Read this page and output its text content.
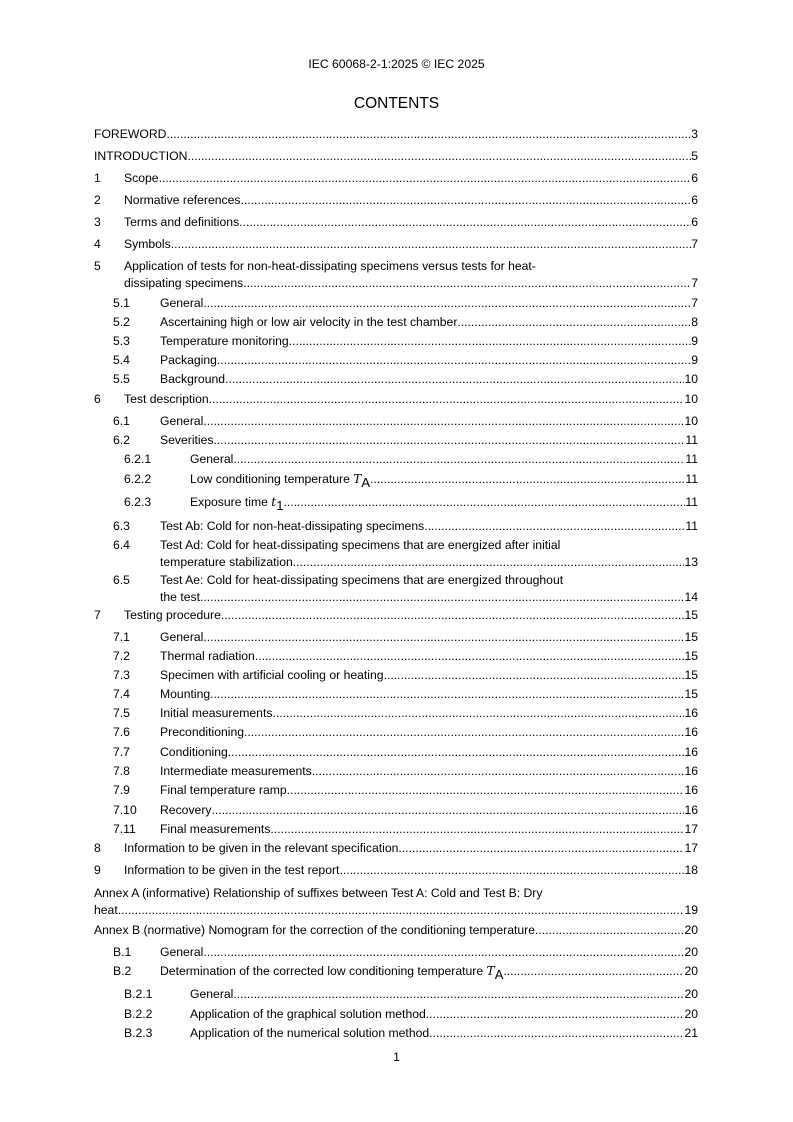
IEC 60068-2-1:2025 © IEC 2025
CONTENTS
FOREWORD .....	3
INTRODUCTION .....	5
1	Scope .....	6
2	Normative references .....	6
3	Terms and definitions .....	6
4	Symbols .....	7
5	Application of tests for non-heat-dissipating specimens versus tests for heat-
dissipating specimens .....	7
5.1	General .....	7
5.2	Ascertaining high or low air velocity in the test chamber .....	8
5.3	Temperature monitoring .....	9
5.4	Packaging .....	9
5.5	Background .....	10
6	Test description .....	10
6.1	General .....	10
6.2	Severities .....	11
6.2.1	General .....	11
6.2.2	Low conditioning temperature
T A .....	11
6.2.3	Exposure time
t 1 .....	11
6.3	Test Ab: Cold for non-heat-dissipating specimens .....	11
6.4	Test Ad: Cold for heat-dissipating specimens that are energized after initial
temperature stabilization .....	13
6.5	Test Ae: Cold for heat-dissipating specimens that are energized throughout
the test .....	14
7	Testing procedure .....	15
7.1	General .....	15
7.2	Thermal radiation .....	15
7.3	Specimen with artificial cooling or heating .....	15
7.4	Mounting .....	15
7.5	Initial measurements .....	16
7.6	Preconditioning .....	16
7.7	Conditioning .....	16
7.8	Intermediate measurements .....	16
7.9	Final temperature ramp .....	16
7.10	Recovery .....	16
7.11	Final measurements .....	17
8	Information to be given in the relevant specification .....	17
9	Information to be given in the test report .....	18
Annex A (informative) Relationship of suffixes between Test A: Cold and Test B: Dry
heat .....	19
Annex B (normative) Nomogram for the correction of the conditioning temperature .....	20
B.1	General .....	20
B.2	Determination of the corrected low conditioning temperature
T A .....	20
B.2.1	General .....	20
B.2.2	Application of the graphical solution method .....	20
B.2.3	Application of the numerical solution method .....	21
1
